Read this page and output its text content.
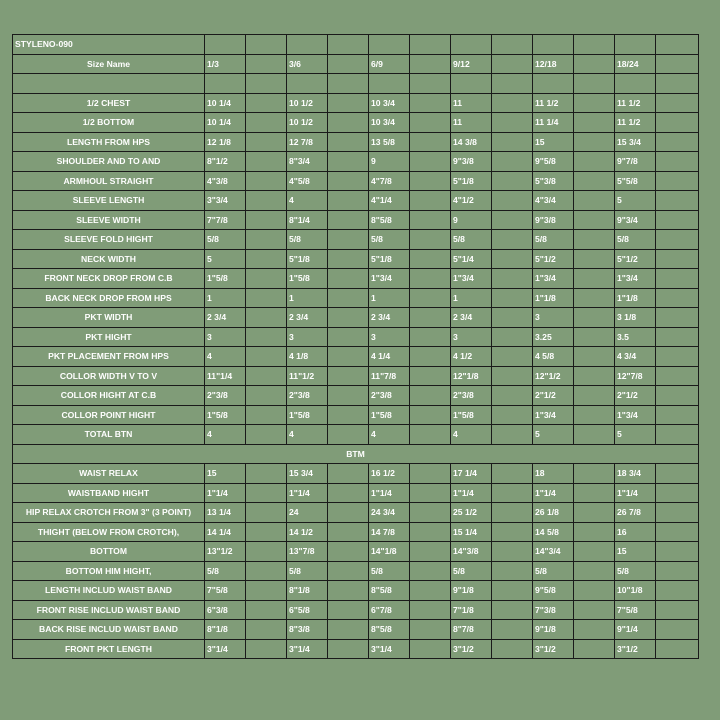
STYLENO-090												
Size Name	1/3		3/6		6/9		9/12		12/18		18/24	

1/2 CHEST	10 1/4		10 1/2		10 3/4		11		11 1/2		11 1/2	
1/2 BOTTOM	10 1/4		10 1/2		10 3/4		11		11 1/4		11 1/2	
LENGTH FROM HPS	12 1/8		12 7/8		13 5/8		14 3/8		15		15 3/4	
SHOULDER AND TO AND	8"1/2		8"3/4		9		9"3/8		9"5/8		9"7/8	
ARMHOUL STRAIGHT	4"3/8		4"5/8		4"7/8		5"1/8		5"3/8		5"5/8	
SLEEVE LENGTH	3"3/4		4		4"1/4		4"1/2		4"3/4		5	
SLEEVE WIDTH	7"7/8		8"1/4		8"5/8		9		9"3/8		9"3/4	
SLEEVE FOLD HIGHT	5/8		5/8		5/8		5/8		5/8		5/8	
NECK WIDTH	5		5"1/8		5"1/8		5"1/4		5"1/2		5"1/2	
FRONT NECK DROP FROM C.B	1"5/8		1"5/8		1"3/4		1"3/4		1"3/4		1"3/4	
BACK NECK DROP FROM HPS	1		1		1		1		1"1/8		1"1/8	
PKT WIDTH	2 3/4		2 3/4		2 3/4		2 3/4		3		3 1/8	
PKT HIGHT	3		3		3		3		3.25		3.5	
PKT PLACEMENT FROM HPS	4		4 1/8		4 1/4		4 1/2		4 5/8		4 3/4	
COLLOR WIDTH V TO V	11"1/4		11"1/2		11"7/8		12"1/8		12"1/2		12"7/8	
COLLOR HIGHT AT C.B	2"3/8		2"3/8		2"3/8		2"3/8		2"1/2		2"1/2	
COLLOR POINT HIGHT	1"5/8		1"5/8		1"5/8		1"5/8		1"3/4		1"3/4	
TOTAL BTN	4		4		4		4		5		5	
BTM												
WAIST RELAX	15		15 3/4		16 1/2		17 1/4		18		18 3/4	
WAISTBAND HIGHT	1"1/4		1"1/4		1"1/4		1"1/4		1"1/4		1"1/4	
HIP RELAX CROTCH FROM 3" (3 POINT)	13 1/4		24		24 3/4		25 1/2		26 1/8		26 7/8	
THIGHT (BELOW FROM CROTCH),	14 1/4		14 1/2		14 7/8		15 1/4		14 5/8		16	
BOTTOM	13"1/2		13"7/8		14"1/8		14"3/8		14"3/4		15	
BOTTOM HIM HIGHT,	5/8		5/8		5/8		5/8		5/8		5/8	
LENGTH INCLUD WAIST BAND	7"5/8		8"1/8		8"5/8		9"1/8		9"5/8		10"1/8	
FRONT RISE INCLUD WAIST BAND	6"3/8		6"5/8		6"7/8		7"1/8		7"3/8		7"5/8	
BACK RISE INCLUD WAIST BAND	8"1/8		8"3/8		8"5/8		8"7/8		9"1/8		9"1/4	
FRONT PKT LENGTH	3"1/4		3"1/4		3"1/4		3"1/2		3"1/2		3"1/2	
